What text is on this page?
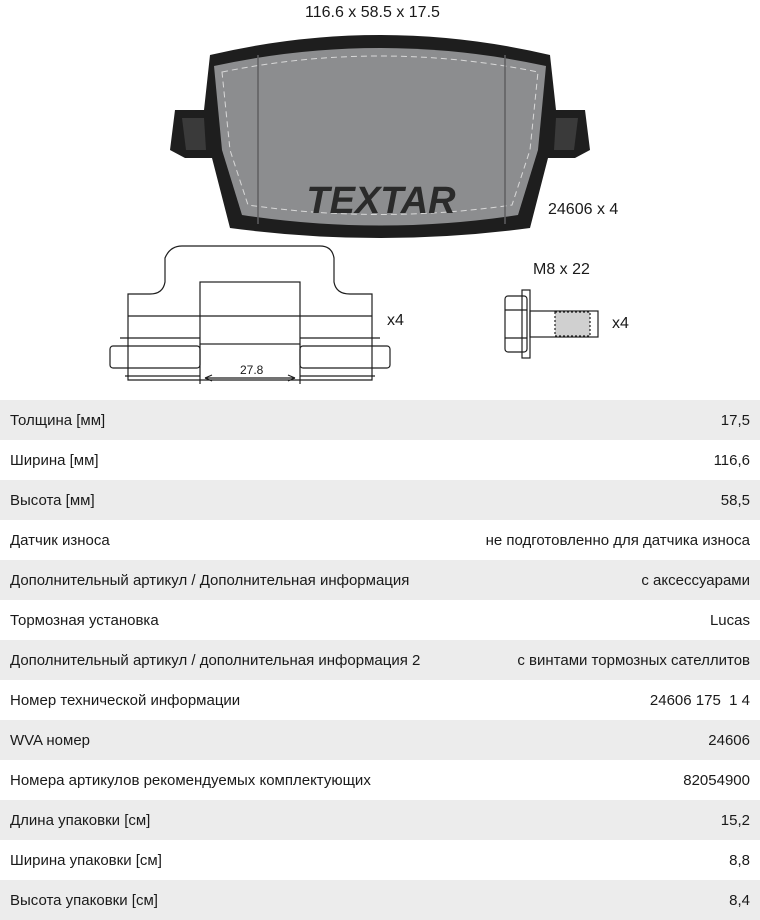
TEXTAR
116.6 x 58.5 x 17.5
24606 x 4
x4
27.8
M8 x 22
x4
Толщина [мм]	17,5
Ширина [мм]	116,6
Высота [мм]	58,5
Датчик износа	не подготовленно для датчика износа
Дополнительный артикул / Дополнительная информация	с аксессуарами
Тормозная установка	Lucas
Дополнительный артикул / дополнительная информация 2	с винтами тормозных сателлитов
Номер технической информации	24606 175  1 4
WVA номер	24606
Номера артикулов рекомендуемых комплектующих	82054900
Длина упаковки [см]	15,2
Ширина упаковки [см]	8,8
Высота упаковки [см]	8,4
